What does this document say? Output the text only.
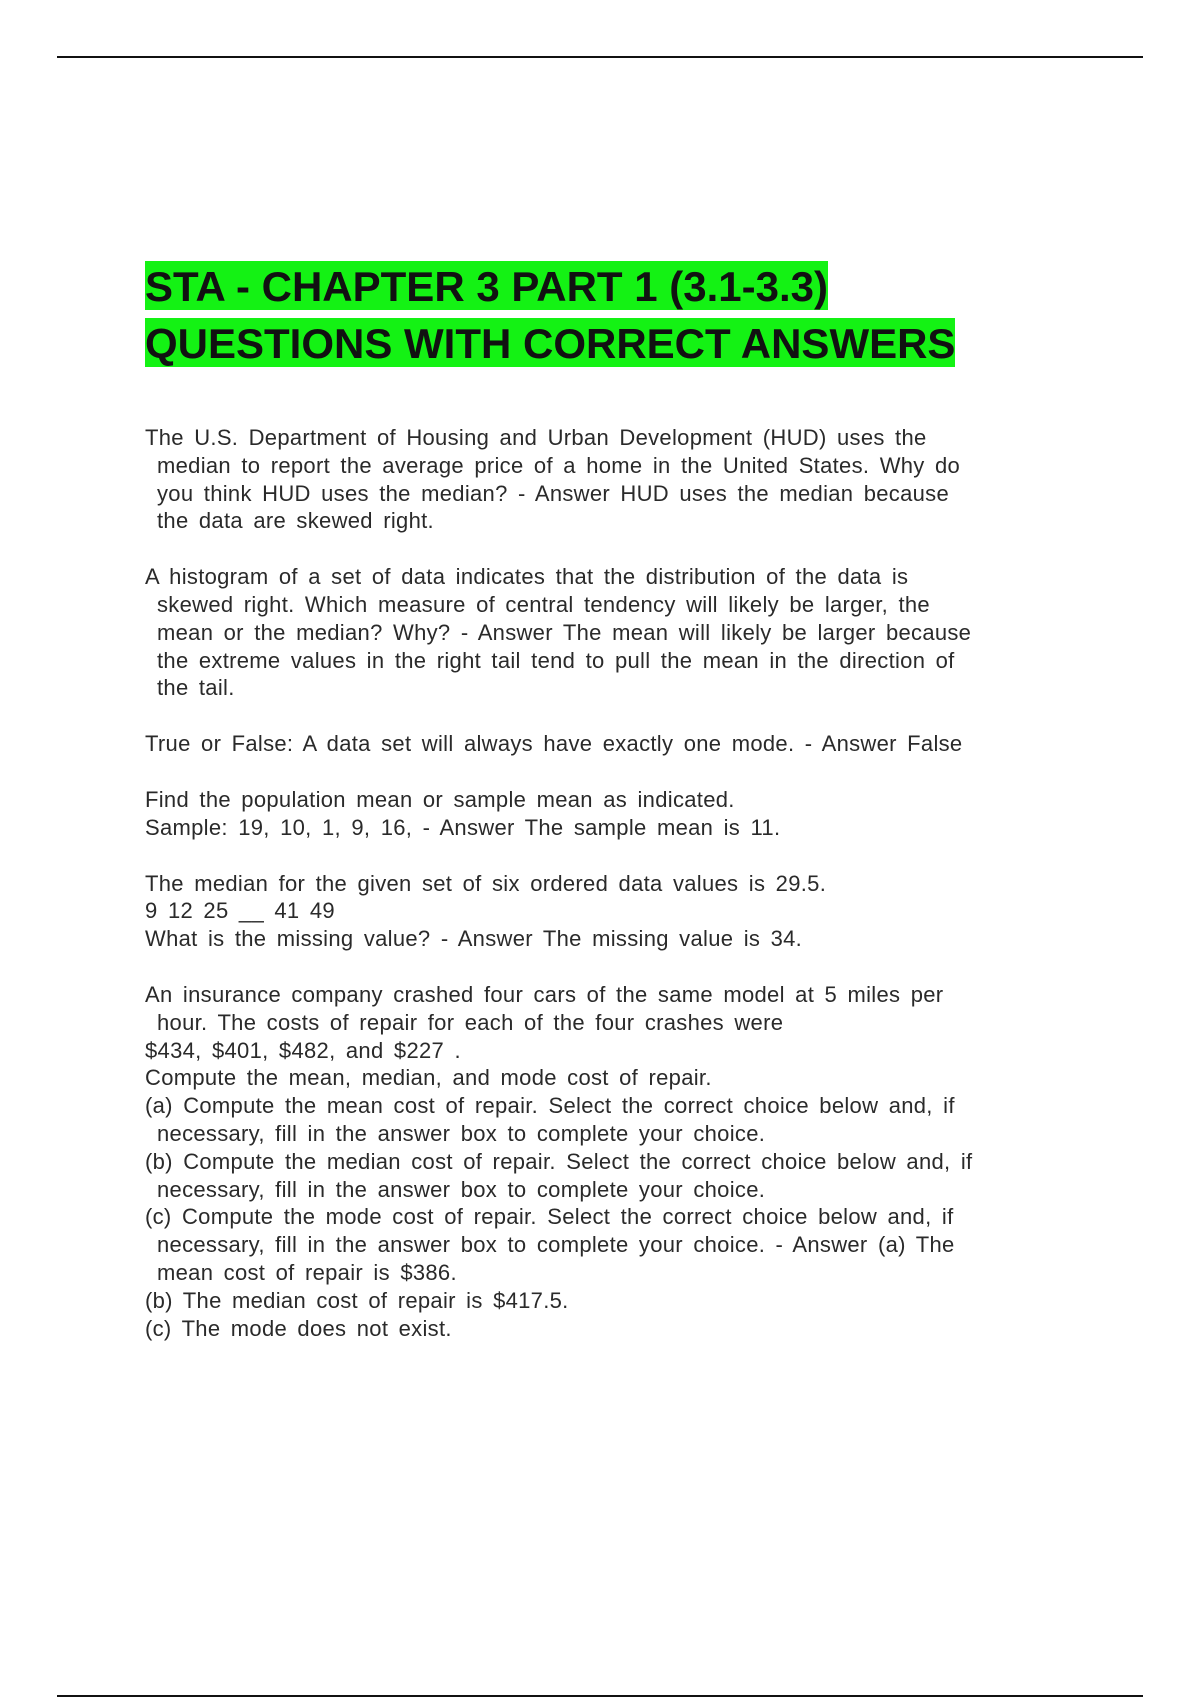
STA - CHAPTER 3 PART 1 (3.1-3.3)
QUESTIONS WITH CORRECT ANSWERS
The U.S. Department of Housing and Urban Development (HUD) uses the
median to report the average price of a home in the United States. Why do
you think HUD uses the median? - Answer HUD uses the median because
the data are skewed right.
A histogram of a set of data indicates that the distribution of the data is
skewed right. Which measure of central tendency will likely be larger, the
mean or the median? Why? - Answer The mean will likely be larger because
the extreme values in the right tail tend to pull the mean in the direction of
the tail.
True or False: A data set will always have exactly one mode. - Answer False
Find the population mean or sample mean as indicated.
Sample: 19, 10, 1, 9, 16, - Answer The sample mean is 11.
The median for the given set of six ordered data values is 29.5.
9 12 25 __ 41 49
What is the missing value? - Answer The missing value is 34.
An insurance company crashed four cars of the same model at 5 miles per
hour. The costs of repair for each of the four crashes were
$434, $401, $482, and $227 .
Compute the mean, median, and mode cost of repair.
(a) Compute the mean cost of repair. Select the correct choice below and, if
necessary, fill in the answer box to complete your choice.
(b) Compute the median cost of repair. Select the correct choice below and, if
necessary, fill in the answer box to complete your choice.
(c) Compute the mode cost of repair. Select the correct choice below and, if
necessary, fill in the answer box to complete your choice. - Answer (a) The
mean cost of repair is $386.
(b) The median cost of repair is $417.5.
(c) The mode does not exist.
